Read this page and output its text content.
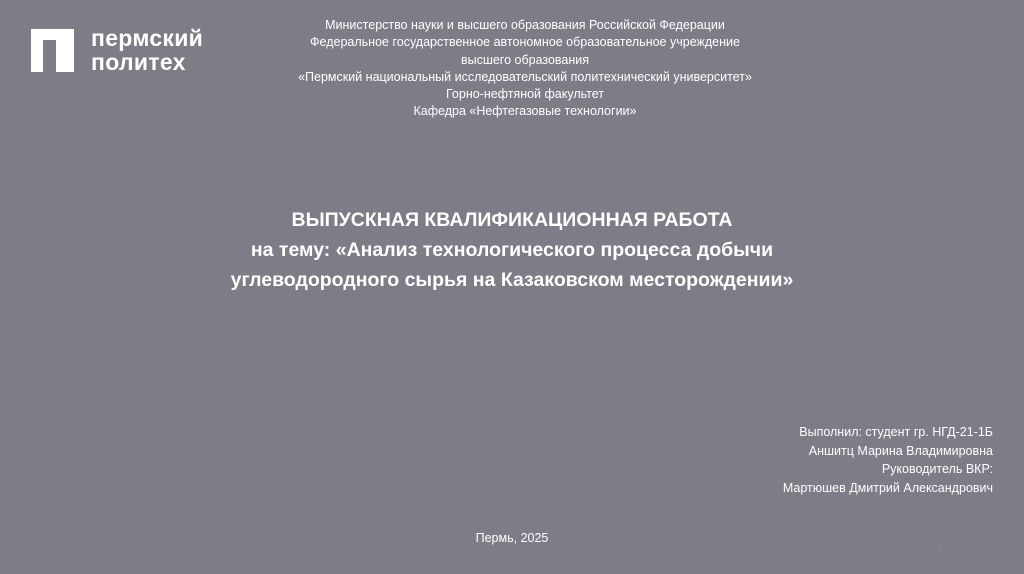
пермский
политех
Министерство науки и высшего образования Российской Федерации
Федеральное государственное автономное образовательное учреждение
высшего образования
«Пермский национальный исследовательский политехнический университет»
Горно-нефтяной факультет
Кафедра «Нефтегазовые технологии»
ВЫПУСКНАЯ КВАЛИФИКАЦИОННАЯ РАБОТА
на тему: «Анализ технологического процесса добычи
углеводородного сырья на Казаковском месторождении»
Выполнил: студент гр. НГД-21-1Б
Аншитц Марина Владимировна
Руководитель ВКР:
Мартюшев Дмитрий Александрович
Пермь, 2025
1
